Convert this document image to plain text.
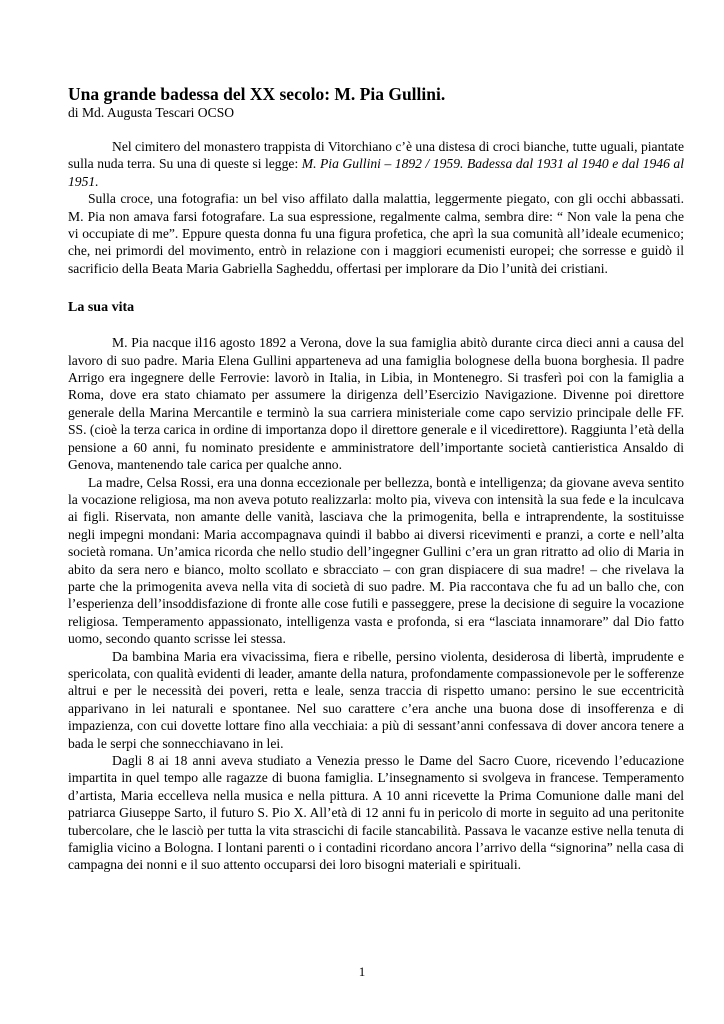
Una grande badessa del XX secolo: M. Pia Gullini.
di Md. Augusta Tescari OCSO

Nel cimitero del monastero trappista di Vitorchiano c’è una distesa di croci bianche, tutte uguali, piantate sulla nuda terra. Su una di queste si legge: M. Pia Gullini – 1892 / 1959. Badessa dal 1931 al 1940 e dal 1946 al 1951.

Sulla croce, una fotografia: un bel viso affilato dalla malattia, leggermente piegato, con gli occhi abbassati. M. Pia non amava farsi fotografare. La sua espressione, regalmente calma, sembra dire: “ Non vale la pena che vi occupiate di me”. Eppure questa donna fu una figura profetica, che aprì la sua comunità all’ideale ecumenico; che, nei primordi del movimento, entrò in relazione con i maggiori ecumenisti europei; che sorresse e guidò il sacrificio della Beata Maria Gabriella Sagheddu, offertasi per implorare da Dio l’unità dei cristiani.

La sua vita

M. Pia nacque il16 agosto 1892 a Verona, dove la sua famiglia abitò durante circa dieci anni a causa del lavoro di suo padre. Maria Elena Gullini apparteneva ad una famiglia bolognese della buona borghesia. Il padre Arrigo era ingegnere delle Ferrovie: lavorò in Italia, in Libia, in Montenegro. Si trasferì poi con la famiglia a Roma, dove era stato chiamato per assumere la dirigenza dell’Esercizio Navigazione. Divenne poi direttore generale della Marina Mercantile e terminò la sua carriera ministeriale come capo servizio principale delle FF. SS. (cioè la terza carica in ordine di importanza dopo il direttore generale e il vicedirettore). Raggiunta l’età della pensione a 60 anni, fu nominato presidente e amministratore dell’importante società cantieristica Ansaldo di Genova, mantenendo tale carica per qualche anno.

La madre, Celsa Rossi, era una donna eccezionale per bellezza, bontà e intelligenza; da giovane aveva sentito la vocazione religiosa, ma non aveva potuto realizzarla: molto pia, viveva con intensità la sua fede e la inculcava ai figli. Riservata, non amante delle vanità, lasciava che la primogenita, bella e intraprendente, la sostituisse negli impegni mondani: Maria accompagnava quindi il babbo ai diversi ricevimenti e pranzi, a corte e nell’alta società romana. Un’amica ricorda che nello studio dell’ingegner Gullini c’era un gran ritratto ad olio di Maria in abito da sera nero e bianco, molto scollato e sbracciato – con gran dispiacere di sua madre! – che rivelava la parte che la primogenita aveva nella vita di società di suo padre. M. Pia raccontava che fu ad un ballo che, con l’esperienza dell’insoddisfazione di fronte alle cose futili e passeggere, prese la decisione di seguire la vocazione religiosa. Temperamento appassionato, intelligenza vasta e profonda, si era “lasciata innamorare” dal Dio fatto uomo, secondo quanto scrisse lei stessa.

Da bambina Maria era vivacissima, fiera e ribelle, persino violenta, desiderosa di libertà, imprudente e spericolata, con qualità evidenti di leader, amante della natura, profondamente compassionevole per le sofferenze altrui e per le necessità dei poveri, retta e leale, senza traccia di rispetto umano: persino le sue eccentricità apparivano in lei naturali e spontanee. Nel suo carattere c’era anche una buona dose di insofferenza e di impazienza, con cui dovette lottare fino alla vecchiaia: a più di sessant’anni confessava di dover ancora tenere a bada le serpi che sonnecchiavano in lei.

Dagli 8 ai 18 anni aveva studiato a Venezia presso le Dame del Sacro Cuore, ricevendo l’educazione impartita in quel tempo alle ragazze di buona famiglia. L’insegnamento si svolgeva in francese. Temperamento d’artista, Maria eccelleva nella musica e nella pittura. A 10 anni ricevette la Prima Comunione dalle mani del patriarca Giuseppe Sarto, il futuro S. Pio X. All’età di 12 anni fu in pericolo di morte in seguito ad una peritonite tubercolare, che le lasciò per tutta la vita strascichi di facile stancabilità. Passava le vacanze estive nella tenuta di famiglia vicino a Bologna. I lontani parenti o i contadini ricordano ancora l’arrivo della “signorina” nella casa di campagna dei nonni e il suo attento occuparsi dei loro bisogni materiali e spirituali.

1
